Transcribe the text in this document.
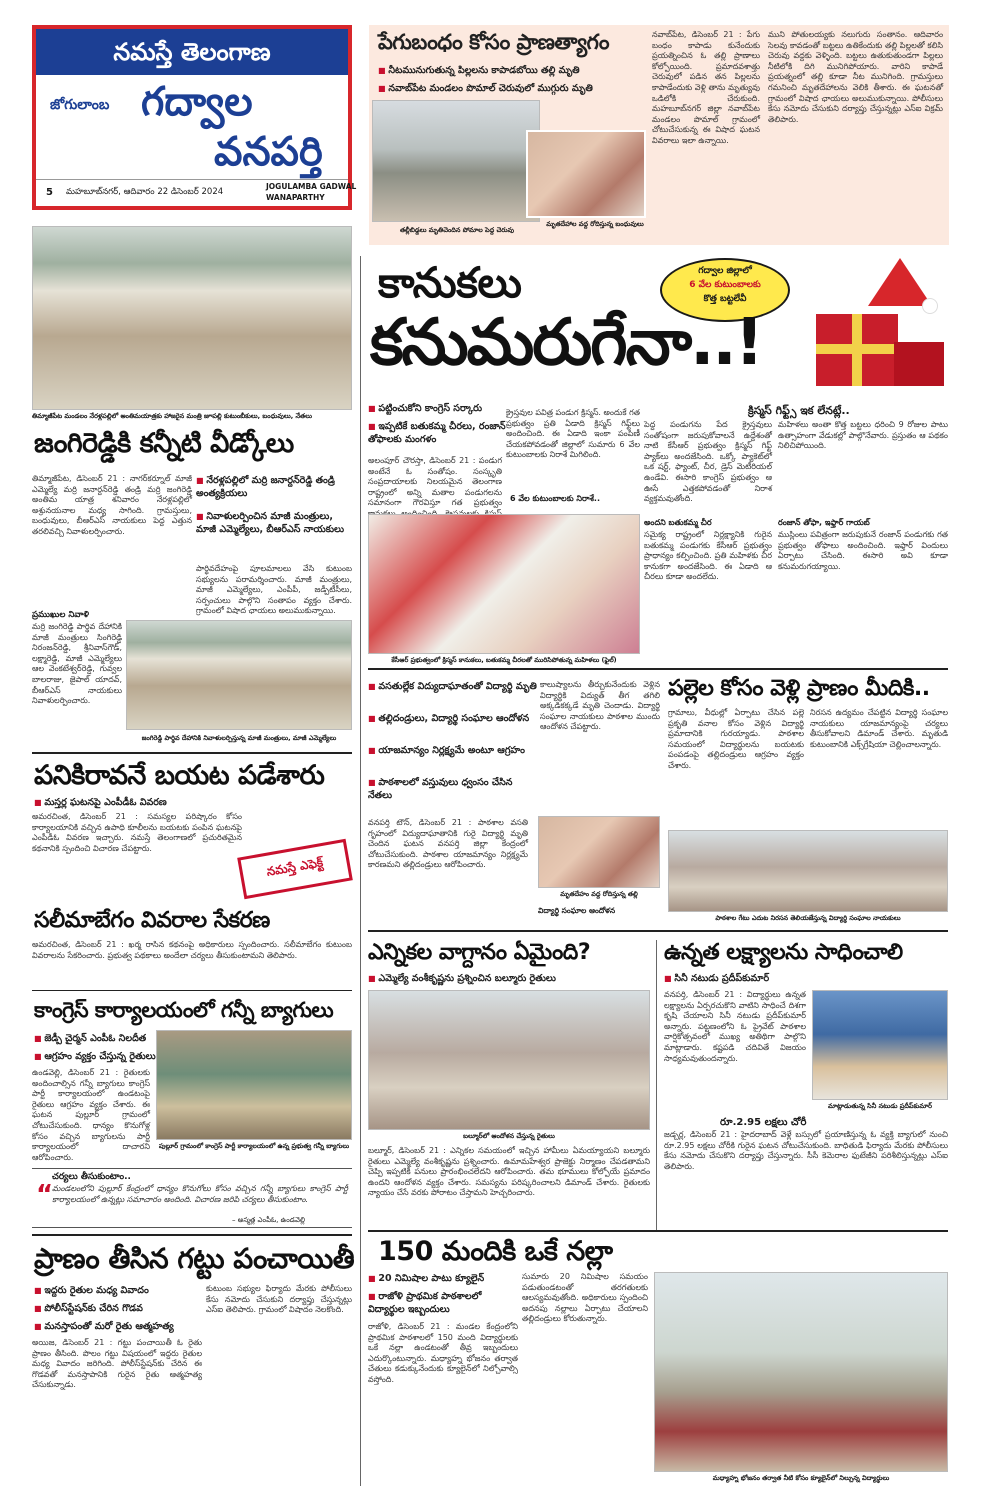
నమస్తే తెలంగాణ
జోగులాంబ గద్వాల
వనపర్తి
5 మహబూబ్‌నగర్, ఆదివారం 22 డిసెంబర్ 2024
JOGULAMBA GADWAL
WANAPARTHY
పేగుబంధం కోసం ప్రాణత్యాగం
■ నీటమునుగుతున్న పిల్లలను కాపాడబోయి తల్లి మృతి
■ నవాబ్‌పేట మండలం పొమాల్ చెరువులో ముగ్గురు మృతి
తల్లీబిడ్డలు మృతిచెందిన పోమాల పెద్ద చెరువు
మృతదేహాల వద్ద రోదిస్తున్న బంధువులు
నవాబ్‌పేట, డిసెంబర్ 21 : పేగు బంధం కాపాడు కునేందుకు ప్రయత్నించిన ఓ తల్లి ప్రాణాలు కోల్పోయింది. ప్రమాదవశాత్తు చెరువులో పడిన తన పిల్లలను కాపాడేందుకు వెళ్లి తాను మృత్యువు ఒడిలోకి చేరుకుంది. మహబూబ్‌నగర్ జిల్లా నవాబ్‌పేట మండలం పొమాల్ గ్రామంలో చోటుచేసుకున్న ఈ విషాద ఘటన వివరాలు ఇలా ఉన్నాయి.
ముని పోతులయ్యకు నలుగురు సంతానం. ఆదివారం సెలవు కావడంతో బట్టలు ఉతికేందుకు తల్లి పిల్లలతో కలిసి చెరువు వద్దకు వెళ్ళింది. బట్టలు ఉతుకుతుండగా పిల్లలు నీటిలోకి దిగి మునిగిపోయారు. వారిని కాపాడే ప్రయత్నంలో తల్లి కూడా నీట మునిగింది. గ్రామస్తులు గమనించి మృతదేహాలను వెలికి తీశారు. ఈ ఘటనతో గ్రామంలో విషాద ఛాయలు అలుముకున్నాయి. పోలీసులు కేసు నమోదు చేసుకుని దర్యాప్తు చేస్తున్నట్లు ఎస్ఐ విక్రమ్ తెలిపారు.
తిమ్మాజీపేట మండలం నేరళ్లపల్లిలో అంతిమయాత్రకు హాజరైన మంత్రి జూపల్లి కుటుంబీకులు, బంధువులు, నేతలు
జంగిరెడ్డికి కన్నీటి వీడ్కోలు
తిమ్మాజీపేట, డిసెంబర్ 21 : నాగర్‌కర్నూల్ మాజీ ఎమ్మెల్యే మర్రి జనార్దన్‌రెడ్డి తండ్రి మర్రి జంగిరెడ్డి అంతిమ యాత్ర శనివారం నేరళ్లపల్లిలో అశ్రునయనాల మధ్య సాగింది. గ్రామస్తులు, బంధువులు, బీఆర్ఎస్ నాయకులు పెద్ద ఎత్తున తరలివచ్చి నివాళులర్పించారు.
■ నేరళ్లపల్లిలో మర్రి జనార్దన్‌రెడ్డి తండ్రి అంత్యక్రియలు
■ నివాళులర్పించిన మాజీ మంత్రులు, మాజీ ఎమ్మెల్యేలు, బీఆర్ఎస్ నాయకులు
పార్థివదేహంపై పూలమాలలు వేసి కుటుంబ సభ్యులను పరామర్శించారు. మాజీ మంత్రులు, మాజీ ఎమ్మెల్యేలు, ఎంపీపీ, జడ్పీటీసీలు, సర్పంచులు పాల్గొని సంతాపం వ్యక్తం చేశారు. గ్రామంలో విషాద ఛాయలు అలుముకున్నాయి.
ప్రముఖుల నివాళి
మర్రి జంగిరెడ్డి పార్థివ దేహానికి మాజీ మంత్రులు సింగిరెడ్డి నిరంజన్‌రెడ్డి, శ్రీనివాస్‌గౌడ్, లక్ష్మారెడ్డి, మాజీ ఎమ్మెల్యేలు ఆల వెంకటేశ్వర్‌రెడ్డి, గువ్వల బాలరాజు, జైపాల్ యాదవ్, బీఆర్ఎస్ నాయకులు నివాళులర్పించారు.
జంగిరెడ్డి పార్థివ దేహానికి నివాళులర్పిస్తున్న మాజీ మంత్రులు, మాజీ ఎమ్మెల్యేలు
గద్వాల జిల్లాలో
6 వేల కుటుంబాలకు
కొత్త బట్టలేవీ
కానుకలు
కనుమరుగేనా..!
■ పట్టించుకోని కాంగ్రెస్ సర్కారు
■ ఇప్పటికే బతుకమ్మ చీరలు, రంజాన్ తోఫాలకు మంగళం
క్రిస్మస్ గిఫ్ట్స్ ఇక లేనట్లే..
అలంపూర్ చౌరస్తా, డిసెంబర్ 21 : పండుగ అంటేనే ఓ సంతోషం. సంస్కృతి సంప్రదాయాలకు నిలయమైన తెలంగాణ రాష్ట్రంలో అన్ని మతాల పండుగలను సమానంగా గౌరవిస్తూ గత ప్రభుత్వం
క్రైస్తవుల పవిత్ర పండుగ క్రిస్మస్. అందుకే గత ప్రభుత్వం ప్రతి ఏడాది క్రిస్మస్ గిఫ్ట్‌లు అందించింది. ఈ ఏడాది ఇంకా పంపిణీ చేయకపోవడంతో జిల్లాలో సుమారు 6 వేల కుటుంబాలకు నిరాశే మిగిలింది.
6 వేల కుటుంబాలకు నిరాశే..
పెద్ద పండుగను పేద క్రైస్తవులు సంతోషంగా జరుపుకోవాలనే ఉద్దేశంతో నాటి కేసీఆర్ ప్రభుత్వం క్రిస్మస్ గిఫ్ట్ ప్యాక్‌లు అందజేసింది. ఒక్కో ప్యాకెట్‌లో ఒక షర్ట్, ఫ్యాంట్, చీర, డ్రెస్ మెటీరియల్ ఉండేవి. ఈసారి కాంగ్రెస్ ప్రభుత్వం ఆ ఊసే ఎత్తకపోవడంతో నిరాశ వ్యక్తమవుతోంది.
అందని బతుకమ్మ చీర
సమైక్య రాష్ట్రంలో నిర్లక్ష్యానికి గురైన బతుకమ్మ పండుగకు కేసీఆర్ ప్రభుత్వం ప్రాధాన్యం కల్పించింది. ప్రతి మహిళకు చీర కానుకగా అందజేసింది. ఈ ఏడాది ఆ చీరలు కూడా అందలేదు.
మహిళలు అంతా కొత్త బట్టలు ధరించి 9 రోజుల పాటు ఉత్సాహంగా వేడుకల్లో పాల్గొనేవారు. ప్రస్తుతం ఆ పథకం నిలిచిపోయింది.
రంజాన్ తోఫా, ఇఫ్తార్ గాయబ్
ముస్లింలు పవిత్రంగా జరుపుకునే రంజాన్ పండుగకు గత ప్రభుత్వం తోఫాలు అందించింది. ఇఫ్తార్ విందులు ఏర్పాటు చేసింది. ఈసారి అవి కూడా కనుమరుగయ్యాయి.
కేసీఆర్ ప్రభుత్వంలో క్రిస్మస్ కానుకలు, బతుకమ్మ చీరలతో మురిసిపోతున్న మహిళలు (ఫైల్)
పనికిరావనే బయట పడేశారు
■ మస్తర్ల ఘటనపై ఎంపీడీఓ వివరణ
అమరచింత, డిసెంబర్ 21 : సమస్యల పరిష్కారం కోసం కార్యాలయానికి వచ్చిన ఉపాధి కూలీలను బయటకు పంపిన ఘటనపై ఎంపీడీఓ వివరణ ఇచ్చారు. నమస్తే తెలంగాణలో ప్రచురితమైన కథనానికి స్పందించి విచారణ చేపట్టారు.
నమస్తే ఎఫెక్ట్
సలీమాబేగం వివరాల సేకరణ
అమరచింత, డిసెంబర్ 21 : ఖర్మ రాసిన కథనంపై అధికారులు స్పందించారు. సలీమాబేగం కుటుంబ వివరాలను సేకరించారు. ప్రభుత్వ పథకాలు అందేలా చర్యలు తీసుకుంటామని తెలిపారు.
కాంగ్రెస్ కార్యాలయంలో గన్నీ బ్యాగులు
■ జెడ్పీ చైర్మన్ ఎంపీఓ నిలదీత
■ ఆగ్రహం వ్యక్తం చేస్తున్న రైతులు
ఉండవెల్లి, డిసెంబర్ 21 : రైతులకు అందించాల్సిన గన్నీ బ్యాగులు కాంగ్రెస్ పార్టీ కార్యాలయంలో ఉండటంపై రైతులు ఆగ్రహం వ్యక్తం చేశారు. ఈ ఘటన పుల్లూర్ గ్రామంలో చోటుచేసుకుంది. ధాన్యం కొనుగోళ్ల కోసం వచ్చిన బ్యాగులను పార్టీ కార్యాలయంలో దాచారని ఆరోపించారు.
పుల్లూర్ గ్రామంలో కాంగ్రెస్ పార్టీ కార్యాలయంలో ఉన్న ప్రభుత్వ గన్నీ బ్యాగులు
“
చర్యలు తీసుకుంటాం..
మండలంలోని పుల్లూర్ కేంద్రంలో ధాన్యం కొనుగోలు కోసం వచ్చిన గన్నీ బ్యాగులు కాంగ్రెస్ పార్టీ కార్యాలయంలో ఉన్నట్లు సమాచారం అందింది. విచారణ జరిపి చర్యలు తీసుకుంటాం.
– అస్మత్ల ఎంపీఓ, ఉండవెల్లి
ప్రాణం తీసిన గట్టు పంచాయితీ
■ ఇద్దరు రైతుల మధ్య వివాదం
■ పోలీస్‌స్టేషన్‌కు చేరిన గొడవ
■ మనస్తాపంతో మరో రైతు ఆత్మహత్య
అయిజ, డిసెంబర్ 21 : గట్టు పంచాయితీ ఓ రైతు ప్రాణం తీసింది. పొలం గట్టు విషయంలో ఇద్దరు రైతుల మధ్య వివాదం జరిగింది. పోలీస్‌స్టేషన్‌కు చేరిన ఈ గొడవతో మనస్తాపానికి గురైన రైతు ఆత్మహత్య చేసుకున్నాడు.
కుటుంబ సభ్యుల ఫిర్యాదు మేరకు పోలీసులు కేసు నమోదు చేసుకుని దర్యాప్తు చేస్తున్నట్లు ఎస్ఐ తెలిపారు. గ్రామంలో విషాదం నెలకొంది.
■ వసతుల్లేక విద్యుదాఘాతంతో విద్యార్థి మృతి
■ తల్లిదండ్రులు, విద్యార్థి సంఘాల ఆందోళన
■ యాజమాన్యం నిర్లక్ష్యమే అంటూ ఆగ్రహం
■ పాఠశాలలో వస్తువులు ధ్వంసం చేసిన నేతలు
కాలుష్యాలను తీర్చుకునేందుకు వెళ్లిన విద్యార్థికి విద్యుత్ తీగ తగిలి అక్కడికక్కడే మృతి చెందాడు. విద్యార్థి సంఘాల నాయకులు పాఠశాల ముందు ఆందోళన చేపట్టారు.
వనపర్తి టౌన్, డిసెంబర్ 21 : పాఠశాల వసతి గృహంలో విద్యుదాఘాతానికి గురై విద్యార్థి మృతి చెందిన ఘటన వనపర్తి జిల్లా కేంద్రంలో చోటుచేసుకుంది. పాఠశాల యాజమాన్యం నిర్లక్ష్యమే కారణమని తల్లిదండ్రులు ఆరోపించారు.
మృతదేహం వద్ద రోదిస్తున్న తల్లి
విద్యార్థి సంఘాల ఆందోళన
పల్లెల కోసం వెళ్లి ప్రాణం మీదికి..
గ్రామాలు, వీధుల్లో ఏర్పాటు చేసిన పల్లె ప్రకృతి వనాల కోసం వెళ్లిన విద్యార్థి ప్రమాదానికి గురయ్యాడు. పాఠశాల సమయంలో విద్యార్థులను బయటకు పంపడంపై తల్లిదండ్రులు ఆగ్రహం వ్యక్తం చేశారు.
నిరసన ఉద్యమం చేపట్టిన విద్యార్థి సంఘాల నాయకులు యాజమాన్యంపై చర్యలు తీసుకోవాలని డిమాండ్ చేశారు. మృతుడి కుటుంబానికి ఎక్స్‌గ్రేషియా చెల్లించాలన్నారు.
పాఠశాల గేటు ఎదుట నిరసన తెలియజేస్తున్న విద్యార్థి సంఘాల నాయకులు
ఎన్నికల వాగ్దానం ఏమైంది?
■ ఎమ్మెల్యే వంశీకృష్ణను ప్రశ్నించిన బల్మూరు రైతులు
బల్మూర్‌లో ఆందోళన చేస్తున్న రైతులు
బల్మూర్, డిసెంబర్ 21 : ఎన్నికల సమయంలో ఇచ్చిన హామీలు ఏమయ్యాయని బల్మూరు రైతులు ఎమ్మెల్యే వంశీకృష్ణను ప్రశ్నించారు. ఉమామహేశ్వర ప్రాజెక్టు నిర్మాణం చేపడతామని చెప్పి ఇప్పటికీ పనులు ప్రారంభించలేదని ఆరోపించారు. తమ భూములు కోల్పోయే ప్రమాదం ఉందని ఆందోళన వ్యక్తం చేశారు. సమస్యను పరిష్కరించాలని డిమాండ్ చేశారు. రైతులకు న్యాయం చేసే వరకు పోరాటం చేస్తామని హెచ్చరించారు.
ఉన్నత లక్ష్యాలను సాధించాలి
■ సినీ నటుడు ప్రదీప్‌కుమార్
వనపర్తి, డిసెంబర్ 21 : విద్యార్థులు ఉన్నత లక్ష్యాలను ఏర్పరచుకొని వాటిని సాధించే దిశగా కృషి చేయాలని సినీ నటుడు ప్రదీప్‌కుమార్ అన్నారు. పట్టణంలోని ఓ ప్రైవేట్ పాఠశాల వార్షికోత్సవంలో ముఖ్య అతిథిగా పాల్గొని మాట్లాడారు. కష్టపడి చదివితే విజయం సాధ్యమవుతుందన్నారు.
మాట్లాడుతున్న సినీ నటుడు ప్రదీప్‌కుమార్
రూ.2.95 లక్షలు చోరీ
జడ్చర్ల, డిసెంబర్ 21 : హైదరాబాద్ వెళ్లే బస్సులో ప్రయాణిస్తున్న ఓ వ్యక్తి బ్యాగులో నుంచి రూ.2.95 లక్షలు చోరీకి గురైన ఘటన చోటుచేసుకుంది. బాధితుడి ఫిర్యాదు మేరకు పోలీసులు కేసు నమోదు చేసుకొని దర్యాప్తు చేస్తున్నారు. సీసీ కెమెరాల ఫుటేజీని పరిశీలిస్తున్నట్లు ఎస్ఐ తెలిపారు.
150 మందికి ఒకే నల్లా
■ 20 నిమిషాల పాటు క్యూలైన్
■ రాజోళి ప్రాథమిక పాఠశాలలో విద్యార్థుల ఇబ్బందులు
రాజోళి, డిసెంబర్ 21 : మండల కేంద్రంలోని ప్రాథమిక పాఠశాలలో 150 మంది విద్యార్థులకు ఒకే నల్లా ఉండటంతో తీవ్ర ఇబ్బందులు ఎదుర్కొంటున్నారు. మధ్యాహ్న భోజనం తర్వాత చేతులు కడుక్కునేందుకు క్యూలైన్‌లో నిల్చోవాల్సి వస్తోంది.
సుమారు 20 నిమిషాల సమయం పడుతుండటంతో తరగతులకు ఆలస్యమవుతోంది. అధికారులు స్పందించి అదనపు నల్లాలు ఏర్పాటు చేయాలని తల్లిదండ్రులు కోరుతున్నారు.
మధ్యాహ్న భోజనం తర్వాత నీటి కోసం క్యూలైన్‌లో నిల్చున్న విద్యార్థులు
